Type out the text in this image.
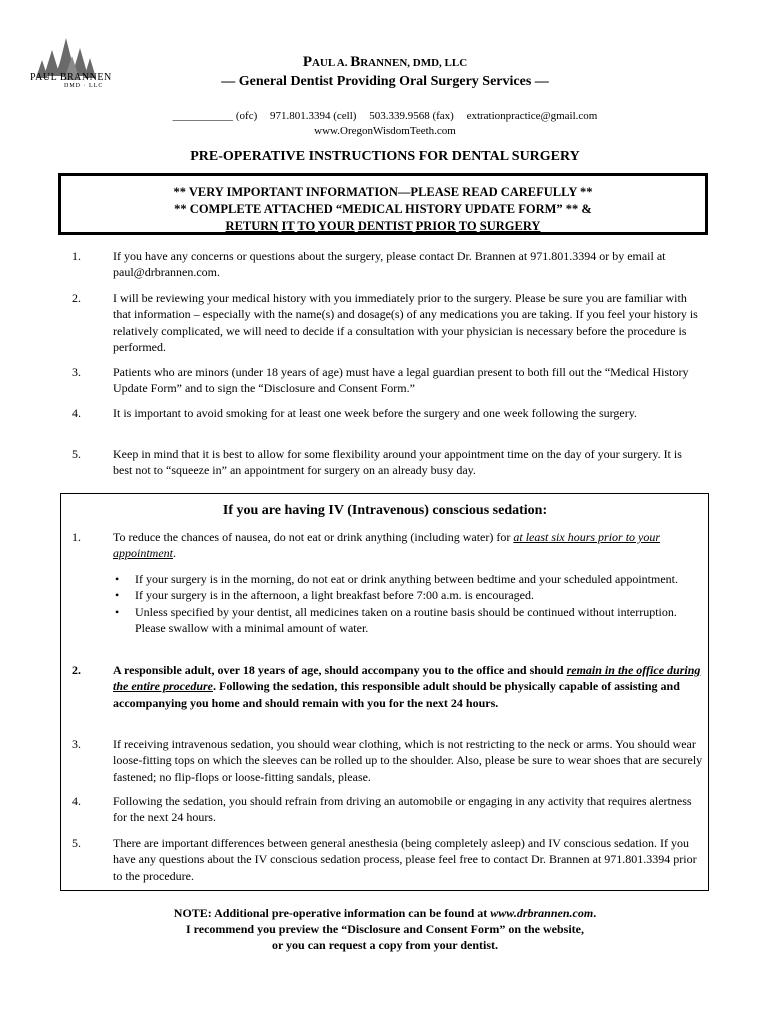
PAUL BRANNEN
DMD · LLC
PAUL A. BRANNEN, DMD, LLC
— General Dentist Providing Oral Surgery Services —
___________ (ofc) 971.801.3394 (cell) 503.339.9568 (fax) extrationpractice@gmail.com
www.OregonWisdomTeeth.com
PRE-OPERATIVE INSTRUCTIONS FOR DENTAL SURGERY
** VERY IMPORTANT INFORMATION—PLEASE READ CAREFULLY **
** COMPLETE ATTACHED “MEDICAL HISTORY UPDATE FORM” ** &
RETURN IT TO YOUR DENTIST PRIOR TO SURGERY
1.	If you have any concerns or questions about the surgery, please contact Dr. Brannen at 971.801.3394 or by email at paul@drbrannen.com.
2.	I will be reviewing your medical history with you immediately prior to the surgery. Please be sure you are familiar with that information – especially with the name(s) and dosage(s) of any medications you are taking. If you feel your history is relatively complicated, we will need to decide if a consultation with your physician is necessary before the procedure is performed.
3.	Patients who are minors (under 18 years of age) must have a legal guardian present to both fill out the “Medical History Update Form” and to sign the “Disclosure and Consent Form.”
4.	It is important to avoid smoking for at least one week before the surgery and one week following the surgery.
5.	Keep in mind that it is best to allow for some flexibility around your appointment time on the day of your surgery. It is best not to “squeeze in” an appointment for surgery on an already busy day.
If you are having IV (Intravenous) conscious sedation:
1.	To reduce the chances of nausea, do not eat or drink anything (including water) for at least six hours prior to your appointment.
• If your surgery is in the morning, do not eat or drink anything between bedtime and your scheduled appointment.
• If your surgery is in the afternoon, a light breakfast before 7:00 a.m. is encouraged.
• Unless specified by your dentist, all medicines taken on a routine basis should be continued without interruption. Please swallow with a minimal amount of water.
2.	A responsible adult, over 18 years of age, should accompany you to the office and should remain in the office during the entire procedure. Following the sedation, this responsible adult should be physically capable of assisting and accompanying you home and should remain with you for the next 24 hours.
3.	If receiving intravenous sedation, you should wear clothing, which is not restricting to the neck or arms. You should wear loose-fitting tops on which the sleeves can be rolled up to the shoulder. Also, please be sure to wear shoes that are securely fastened; no flip-flops or loose-fitting sandals, please.
4.	Following the sedation, you should refrain from driving an automobile or engaging in any activity that requires alertness for the next 24 hours.
5.	There are important differences between general anesthesia (being completely asleep) and IV conscious sedation. If you have any questions about the IV conscious sedation process, please feel free to contact Dr. Brannen at 971.801.3394 prior to the procedure.
NOTE: Additional pre-operative information can be found at www.drbrannen.com.
I recommend you preview the “Disclosure and Consent Form” on the website,
or you can request a copy from your dentist.
